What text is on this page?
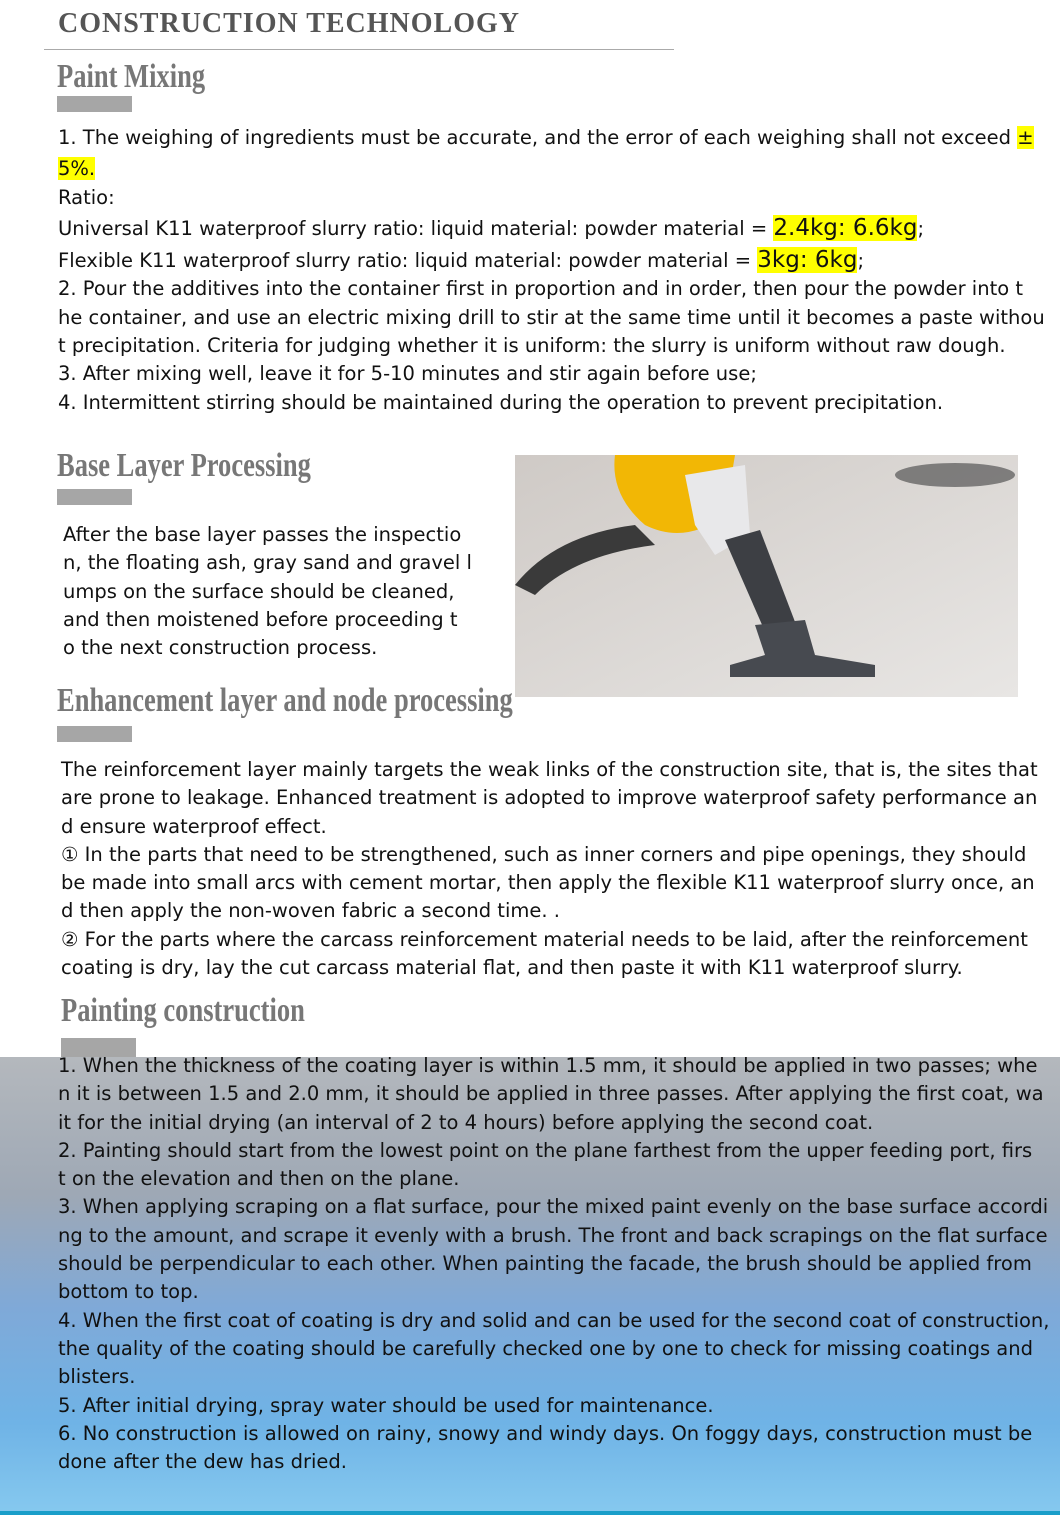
CONSTRUCTION TECHNOLOGY
Paint Mixing
1. The weighing of ingredients must be accurate, and the error of each weighing shall not exceed ±
5%.
Ratio:
Universal K11 waterproof slurry ratio: liquid material: powder material = 2.4kg: 6.6kg;
Flexible K11 waterproof slurry ratio: liquid material: powder material = 3kg: 6kg;
2. Pour the additives into the container first in proportion and in order, then pour the powder into t
he container, and use an electric mixing drill to stir at the same time until it becomes a paste withou
t precipitation. Criteria for judging whether it is uniform: the slurry is uniform without raw dough.
3. After mixing well, leave it for 5-10 minutes and stir again before use;
4. Intermittent stirring should be maintained during the operation to prevent precipitation.
Base Layer Processing
After the base layer passes the inspectio
n, the floating ash, gray sand and gravel l
umps on the surface should be cleaned,
and then moistened before proceeding t
o the next construction process.
Enhancement layer and node processing
The reinforcement layer mainly targets the weak links of the construction site, that is, the sites that
are prone to leakage. Enhanced treatment is adopted to improve waterproof safety performance an
d ensure waterproof effect.
① In the parts that need to be strengthened, such as inner corners and pipe openings, they should
be made into small arcs with cement mortar, then apply the flexible K11 waterproof slurry once, an
d then apply the non-woven fabric a second time. .
② For the parts where the carcass reinforcement material needs to be laid, after the reinforcement
coating is dry, lay the cut carcass material flat, and then paste it with K11 waterproof slurry.
Painting construction
1. When the thickness of the coating layer is within 1.5 mm, it should be applied in two passes; whe
n it is between 1.5 and 2.0 mm, it should be applied in three passes. After applying the first coat, wa
it for the initial drying (an interval of 2 to 4 hours) before applying the second coat.
2. Painting should start from the lowest point on the plane farthest from the upper feeding port, firs
t on the elevation and then on the plane.
3. When applying scraping on a flat surface, pour the mixed paint evenly on the base surface accordi
ng to the amount, and scrape it evenly with a brush. The front and back scrapings on the flat surface
should be perpendicular to each other. When painting the facade, the brush should be applied from
bottom to top.
4. When the first coat of coating is dry and solid and can be used for the second coat of construction,
the quality of the coating should be carefully checked one by one to check for missing coatings and
blisters.
5. After initial drying, spray water should be used for maintenance.
6. No construction is allowed on rainy, snowy and windy days. On foggy days, construction must be
done after the dew has dried.
